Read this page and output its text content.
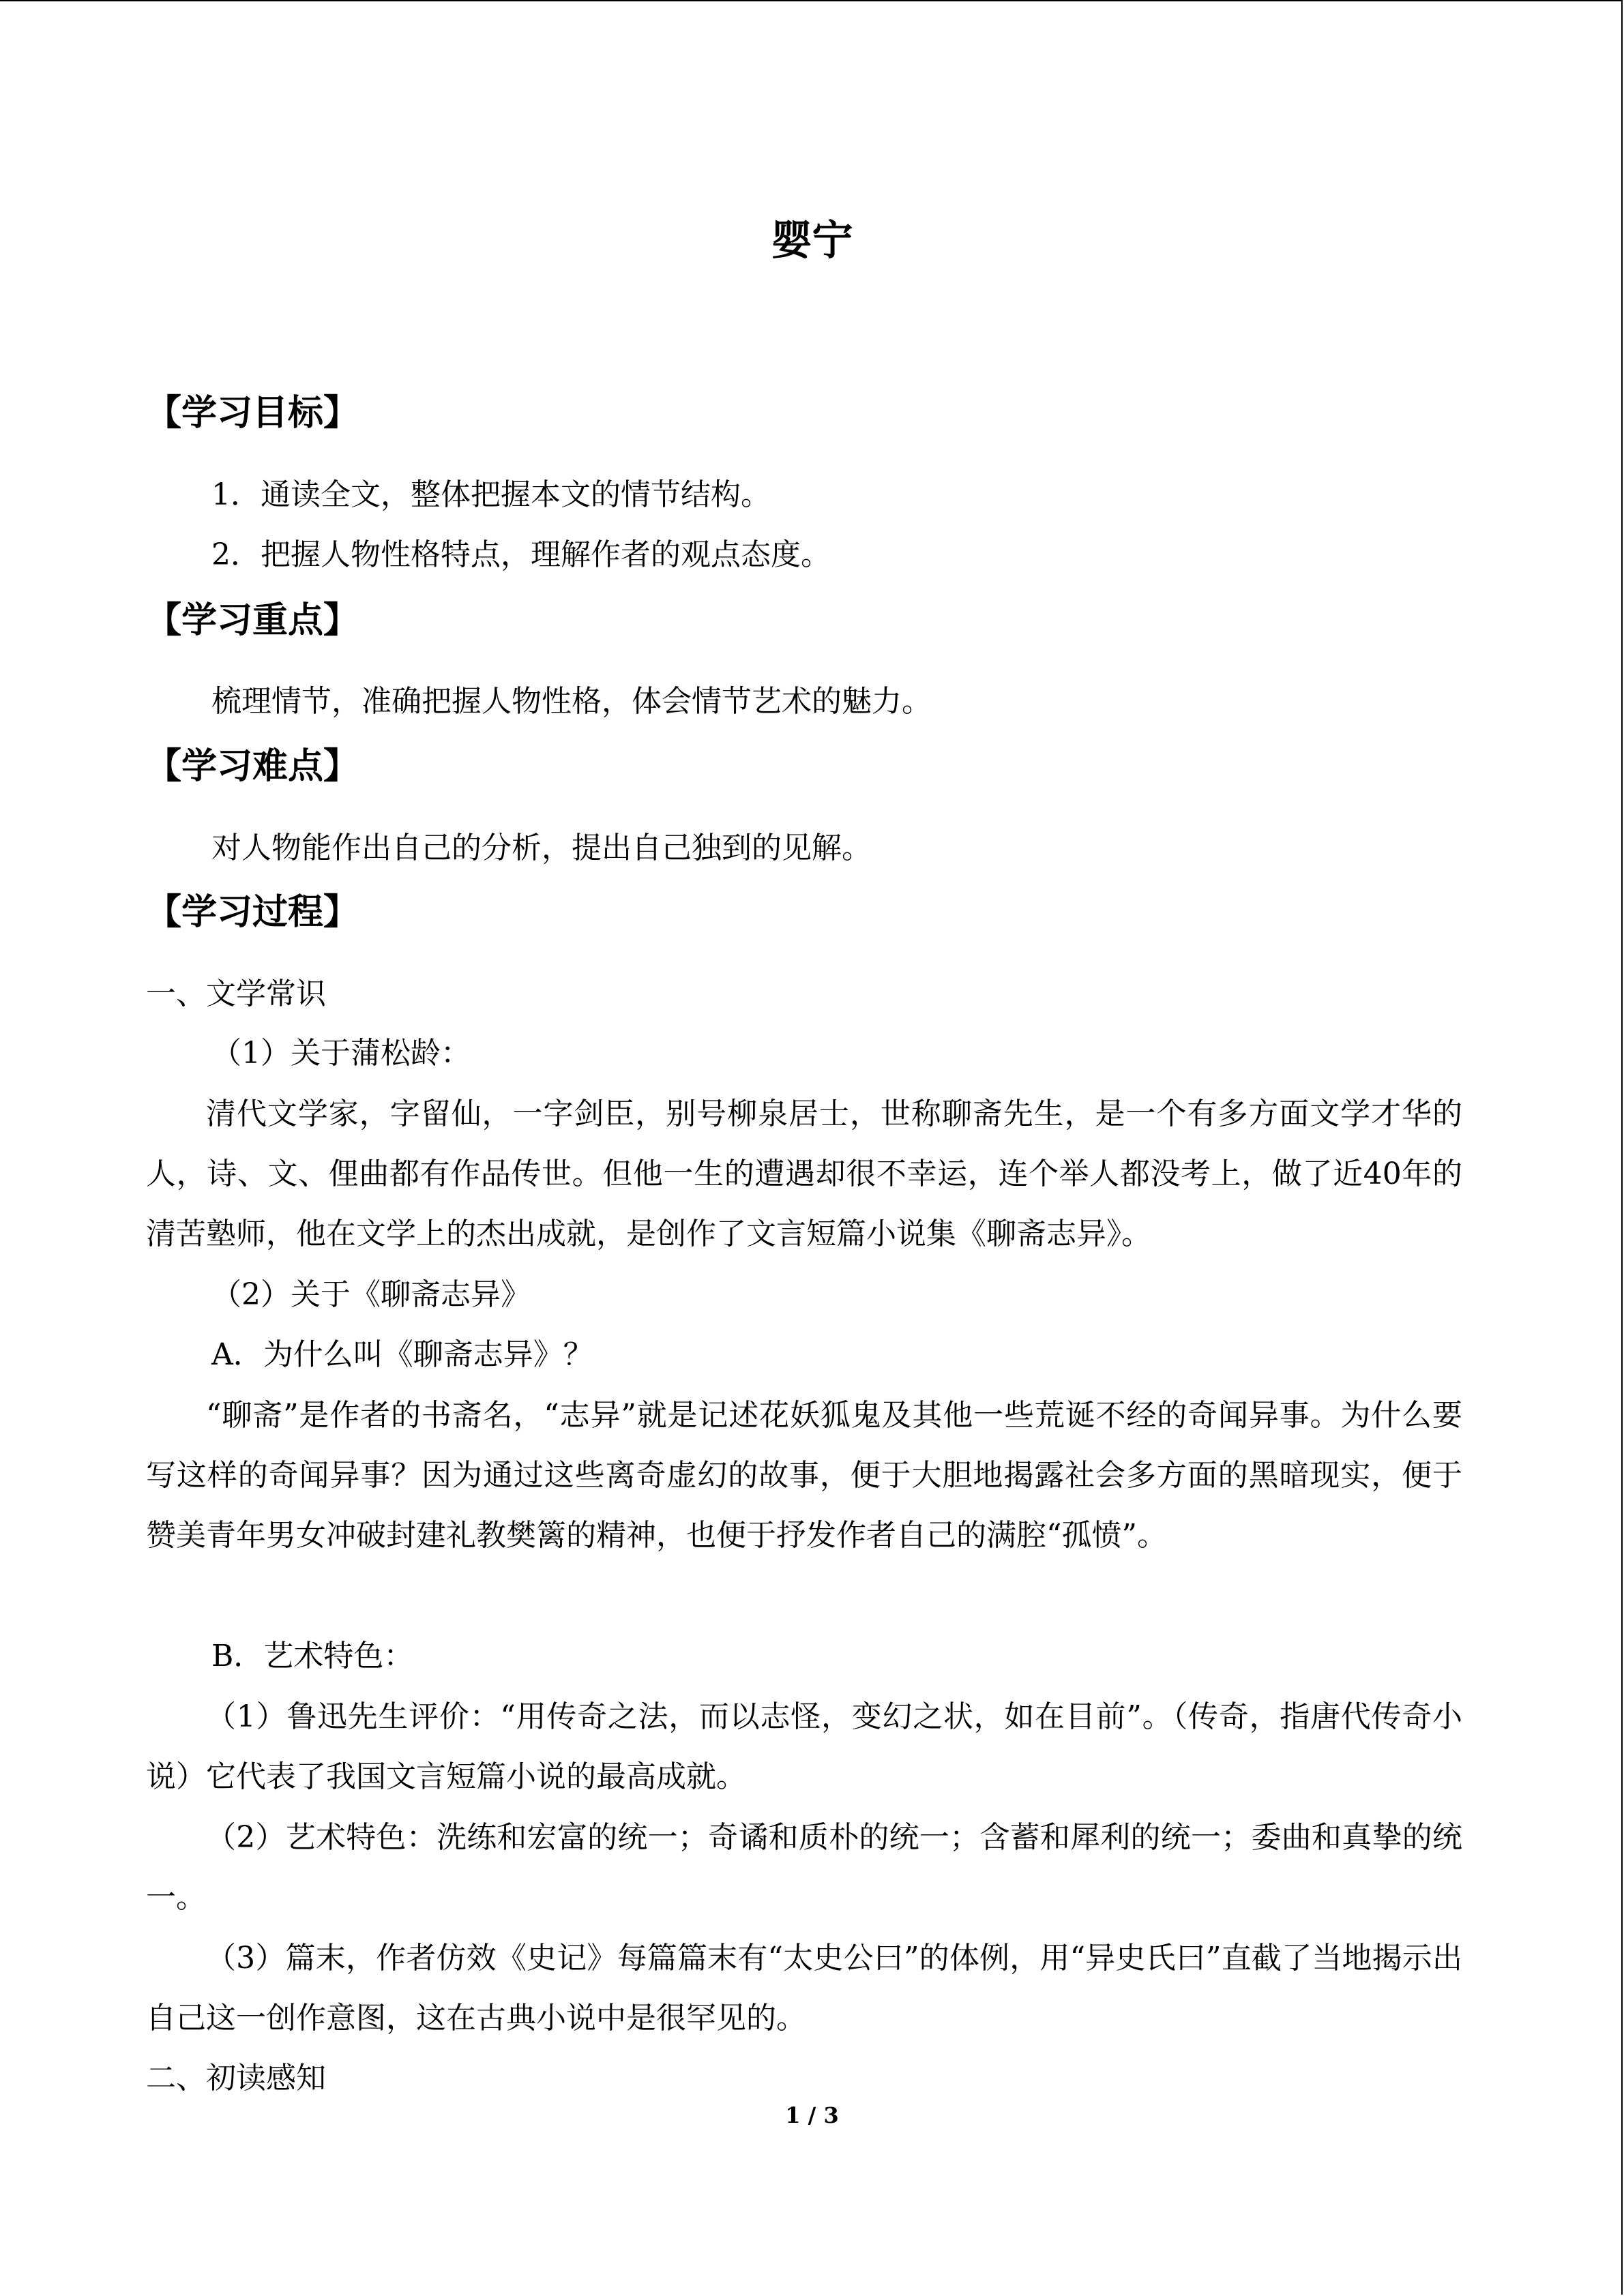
婴宁
【学习目标】
1．通读全文，整体把握本文的情节结构。
2．把握人物性格特点，理解作者的观点态度。
【学习重点】
梳理情节，准确把握人物性格，体会情节艺术的魅力。
【学习难点】
对人物能作出自己的分析，提出自己独到的见解。
【学习过程】
一、文学常识
（1）关于蒲松龄：
清代文学家，字留仙，一字剑臣，别号柳泉居士，世称聊斋先生，是一个有多方面文学才华的人，诗、文、俚曲都有作品传世。但他一生的遭遇却很不幸运，连个举人都没考上，做了近40年的清苦塾师，他在文学上的杰出成就，是创作了文言短篇小说集《聊斋志异》。
（2）关于《聊斋志异》
A．为什么叫《聊斋志异》？
“聊斋”是作者的书斋名，“志异”就是记述花妖狐鬼及其他一些荒诞不经的奇闻异事。为什么要写这样的奇闻异事？因为通过这些离奇虚幻的故事，便于大胆地揭露社会多方面的黑暗现实，便于赞美青年男女冲破封建礼教樊篱的精神，也便于抒发作者自己的满腔“孤愤”。
B．艺术特色：
（1）鲁迅先生评价：“用传奇之法，而以志怪，变幻之状，如在目前”。（传奇，指唐代传奇小说）它代表了我国文言短篇小说的最高成就。
（2）艺术特色：洗练和宏富的统一；奇谲和质朴的统一；含蓄和犀利的统一；委曲和真挚的统一。
（3）篇末，作者仿效《史记》每篇篇末有“太史公曰”的体例，用“异史氏曰”直截了当地揭示出自己这一创作意图，这在古典小说中是很罕见的。
二、初读感知
1 / 3
